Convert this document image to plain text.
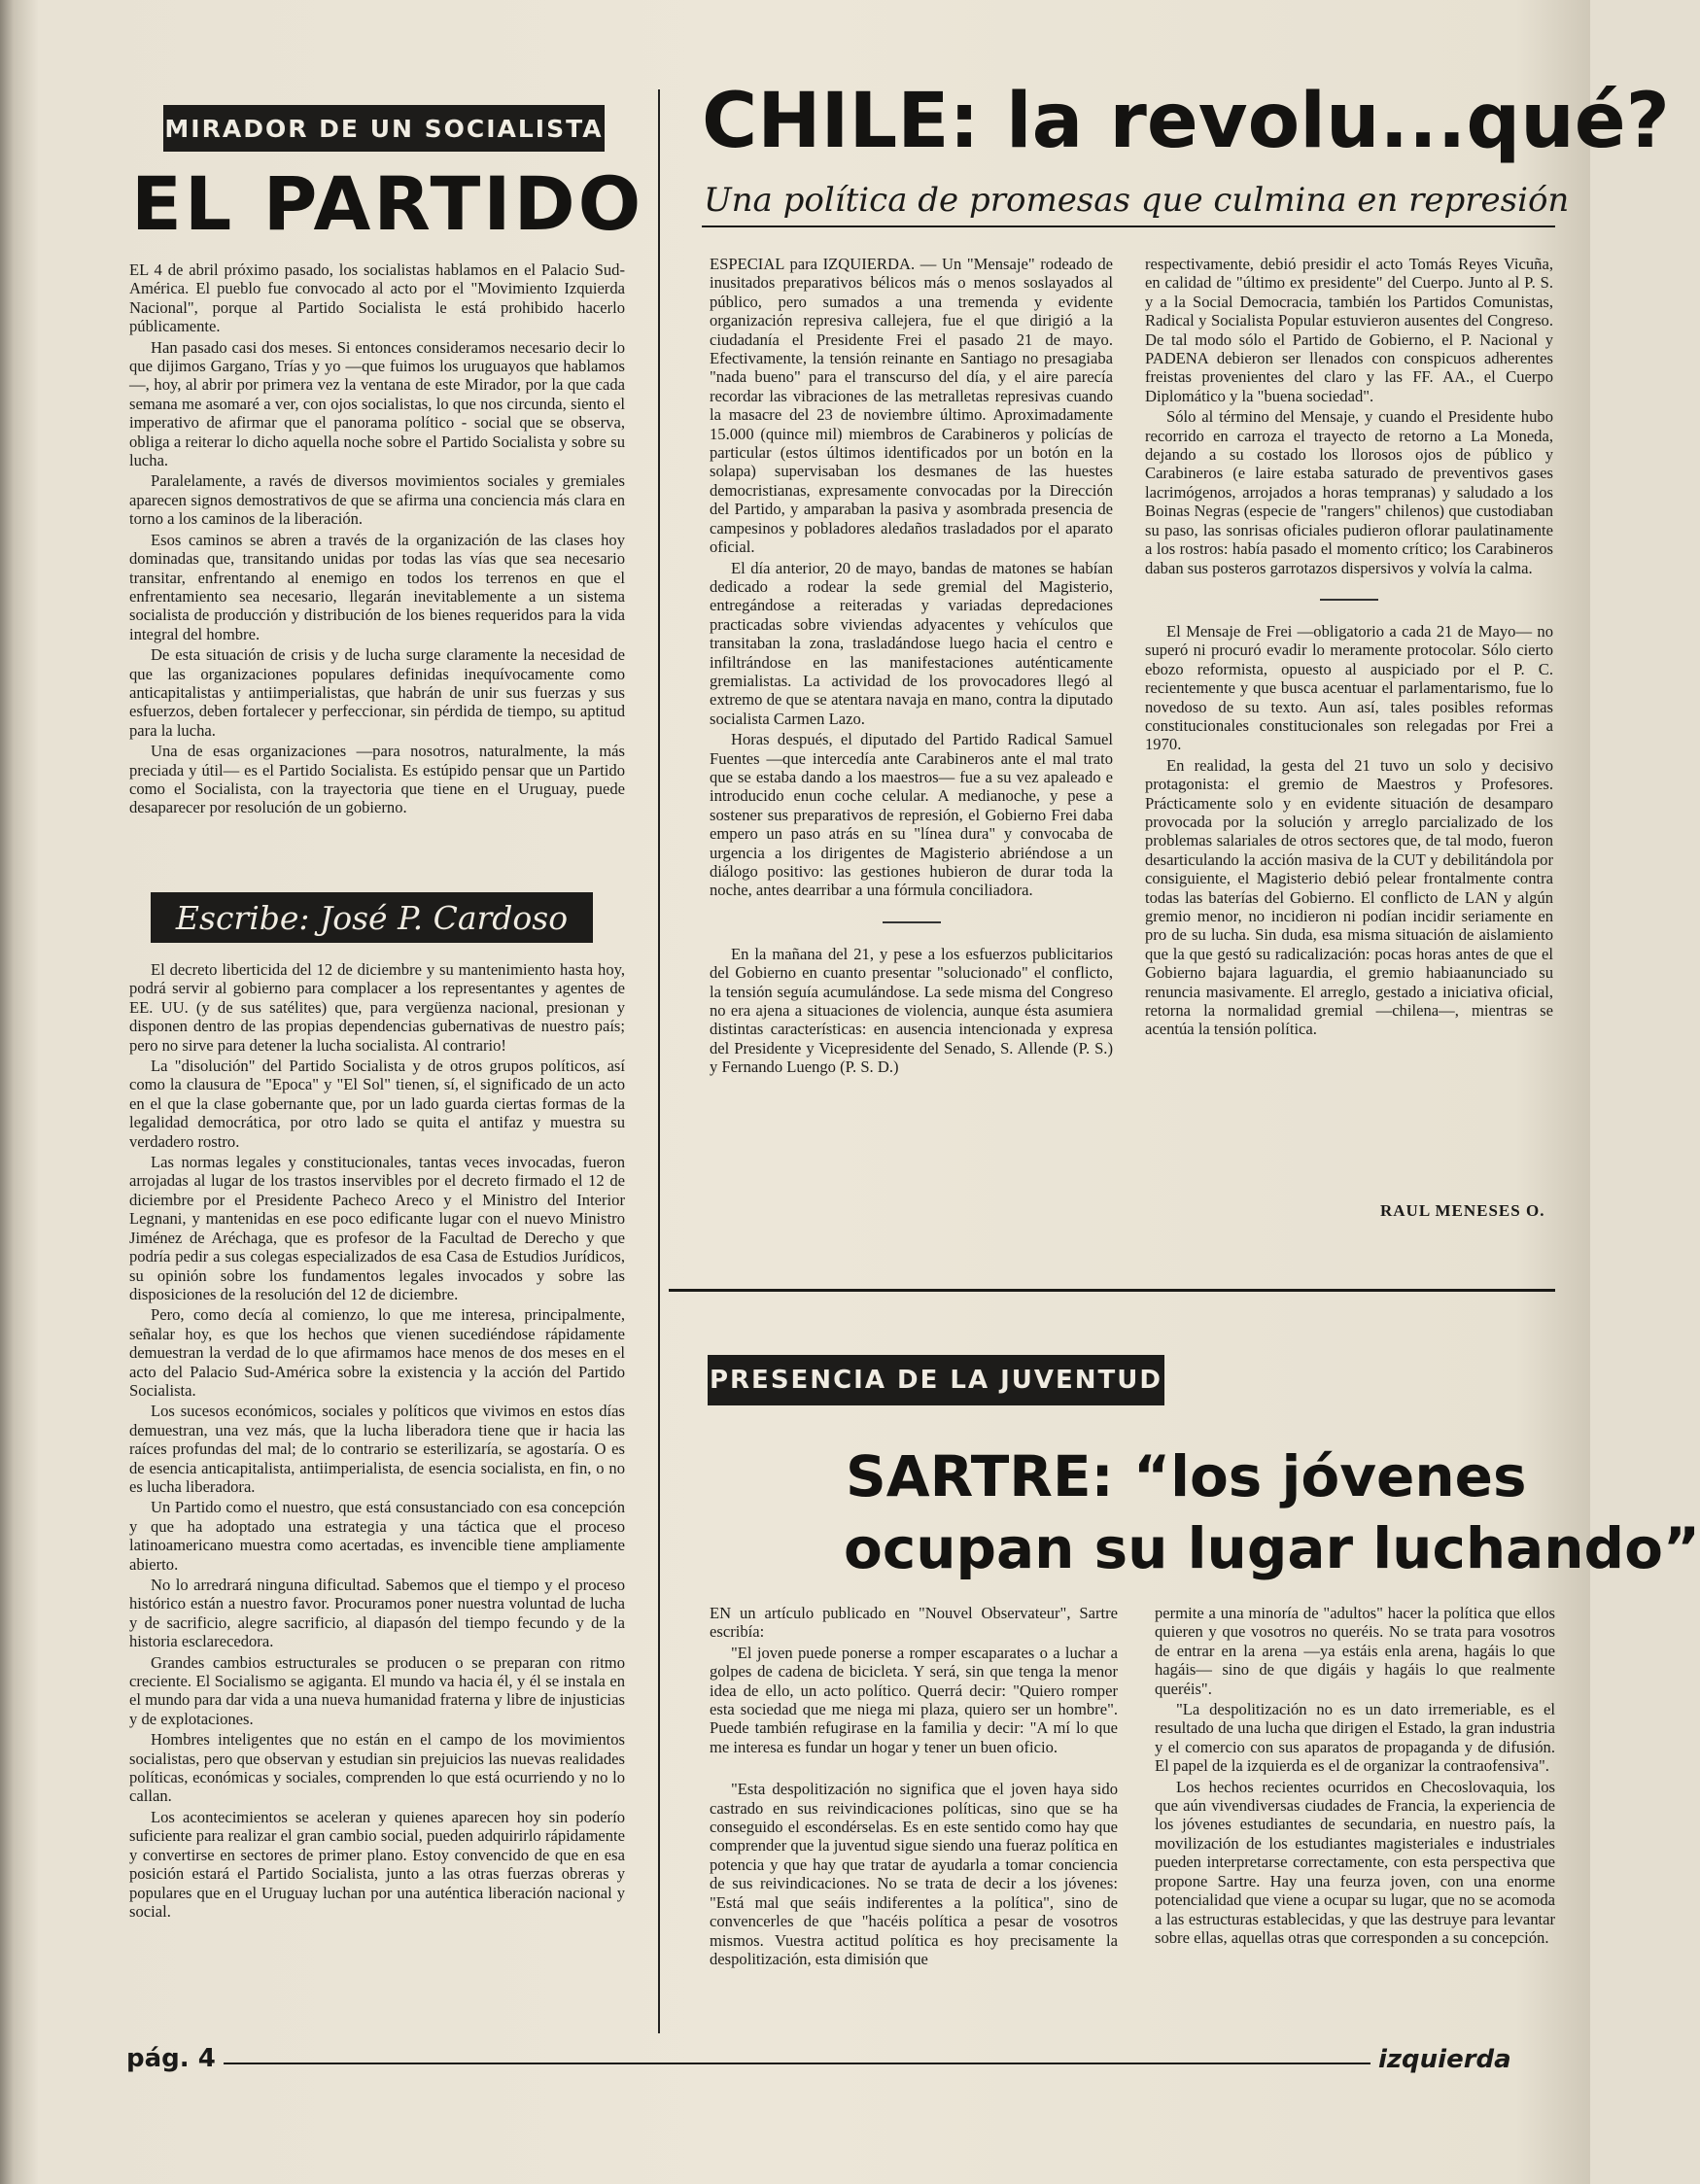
MIRADOR DE UN SOCIALISTA
EL PARTIDO

EL 4 de abril próximo pasado, los socialistas hablamos en el Palacio Sud-América. El pueblo fue convocado al acto por el "Movimiento Izquierda Nacional", porque al Partido Socialista le está prohibido hacerlo públicamente.

Han pasado casi dos meses. Si entonces consideramos necesario decir lo que dijimos Gargano, Trías y yo —que fuimos los uruguayos que hablamos—, hoy, al abrir por primera vez la ventana de este Mirador, por la que cada semana me asomaré a ver, con ojos socialistas, lo que nos circunda, siento el imperativo de afirmar que el panorama político - social que se observa, obliga a reiterar lo dicho aquella noche sobre el Partido Socialista y sobre su lucha.

Paralelamente, a ravés de diversos movimientos sociales y gremiales aparecen signos demostrativos de que se afirma una conciencia más clara en torno a los caminos de la liberación.

Esos caminos se abren a través de la organización de las clases hoy dominadas que, transitando unidas por todas las vías que sea necesario transitar, enfrentando al enemigo en todos los terrenos en que el enfrentamiento sea necesario, llegarán inevitablemente a un sistema socialista de producción y distribución de los bienes requeridos para la vida integral del hombre.

De esta situación de crisis y de lucha surge claramente la necesidad de que las organizaciones populares definidas inequívocamente como anticapitalistas y antiimperialistas, que habrán de unir sus fuerzas y sus esfuerzos, deben fortalecer y perfeccionar, sin pérdida de tiempo, su aptitud para la lucha.

Una de esas organizaciones —para nosotros, naturalmente, la más preciada y útil— es el Partido Socialista. Es estúpido pensar que un Partido como el Socialista, con la trayectoria que tiene en el Uruguay, puede desaparecer por resolución de un gobierno.

Escribe: José P. Cardoso

El decreto liberticida del 12 de diciembre y su mantenimiento hasta hoy, podrá servir al gobierno para complacer a los representantes y agentes de EE. UU. (y de sus satélites) que, para vergüenza nacional, presionan y disponen dentro de las propias dependencias gubernativas de nuestro país; pero no sirve para detener la lucha socialista. Al contrario!

La "disolución" del Partido Socialista y de otros grupos políticos, así como la clausura de "Epoca" y "El Sol" tienen, sí, el significado de un acto en el que la clase gobernante que, por un lado guarda ciertas formas de la legalidad democrática, por otro lado se quita el antifaz y muestra su verdadero rostro.

Las normas legales y constitucionales, tantas veces invocadas, fueron arrojadas al lugar de los trastos inservibles por el decreto firmado el 12 de diciembre por el Presidente Pacheco Areco y el Ministro del Interior Legnani, y mantenidas en ese poco edificante lugar con el nuevo Ministro Jiménez de Aréchaga, que es profesor de la Facultad de Derecho y que podría pedir a sus colegas especializados de esa Casa de Estudios Jurídicos, su opinión sobre los fundamentos legales invocados y sobre las disposiciones de la resolución del 12 de diciembre.

Pero, como decía al comienzo, lo que me interesa, principalmente, señalar hoy, es que los hechos que vienen sucediéndose rápidamente demuestran la verdad de lo que afirmamos hace menos de dos meses en el acto del Palacio Sud-América sobre la existencia y la acción del Partido Socialista.

Los sucesos económicos, sociales y políticos que vivimos en estos días demuestran, una vez más, que la lucha liberadora tiene que ir hacia las raíces profundas del mal; de lo contrario se esterilizaría, se agostaría. O es de esencia anticapitalista, antiimperialista, de esencia socialista, en fin, o no es lucha liberadora.

Un Partido como el nuestro, que está consustanciado con esa concepción y que ha adoptado una estrategia y una táctica que el proceso latinoamericano muestra como acertadas, es invencible tiene ampliamente abierto.

No lo arredrará ninguna dificultad. Sabemos que el tiempo y el proceso histórico están a nuestro favor. Procuramos poner nuestra voluntad de lucha y de sacrificio, alegre sacrificio, al diapasón del tiempo fecundo y de la historia esclarecedora.

Grandes cambios estructurales se producen o se preparan con ritmo creciente. El Socialismo se agiganta. El mundo va hacia él, y él se instala en el mundo para dar vida a una nueva humanidad fraterna y libre de injusticias y de explotaciones.

Hombres inteligentes que no están en el campo de los movimientos socialistas, pero que observan y estudian sin prejuicios las nuevas realidades políticas, económicas y sociales, comprenden lo que está ocurriendo y no lo callan.

Los acontecimientos se aceleran y quienes aparecen hoy sin poderío suficiente para realizar el gran cambio social, pueden adquirirlo rápidamente y convertirse en sectores de primer plano. Estoy convencido de que en esa posición estará el Partido Socialista, junto a las otras fuerzas obreras y populares que en el Uruguay luchan por una auténtica liberación nacional y social.

CHILE: la revolu...qué?
Una política de promesas que culmina en represión

ESPECIAL para IZQUIERDA. — Un "Mensaje" rodeado de inusitados preparativos bélicos más o menos soslayados al público, pero sumados a una tremenda y evidente organización represiva callejera, fue el que dirigió a la ciudadanía el Presidente Frei el pasado 21 de mayo. Efectivamente, la tensión reinante en Santiago no presagiaba "nada bueno" para el transcurso del día, y el aire parecía recordar las vibraciones de las metralletas represivas cuando la masacre del 23 de noviembre último. Aproximadamente 15.000 (quince mil) miembros de Carabineros y policías de particular (estos últimos identificados por un botón en la solapa) supervisaban los desmanes de las huestes democristianas, expresamente convocadas por la Dirección del Partido, y amparaban la pasiva y asombrada presencia de campesinos y pobladores aledaños trasladados por el aparato oficial.

El día anterior, 20 de mayo, bandas de matones se habían dedicado a rodear la sede gremial del Magisterio, entregándose a reiteradas y variadas depredaciones practicadas sobre viviendas adyacentes y vehículos que transitaban la zona, trasladándose luego hacia el centro e infiltrándose en las manifestaciones auténticamente gremialistas. La actividad de los provocadores llegó al extremo de que se atentara navaja en mano, contra la diputado socialista Carmen Lazo.

Horas después, el diputado del Partido Radical Samuel Fuentes —que intercedía ante Carabineros ante el mal trato que se estaba dando a los maestros— fue a su vez apaleado e introducido enun coche celular. A medianoche, y pese a sostener sus preparativos de represión, el Gobierno Frei daba empero un paso atrás en su "línea dura" y convocaba de urgencia a los dirigentes de Magisterio abriéndose a un diálogo positivo: las gestiones hubieron de durar toda la noche, antes dearribar a una fórmula conciliadora.

En la mañana del 21, y pese a los esfuerzos publicitarios del Gobierno en cuanto presentar "solucionado" el conflicto, la tensión seguía acumulándose. La sede misma del Congreso no era ajena a situaciones de violencia, aunque ésta asumiera distintas características: en ausencia intencionada y expresa del Presidente y Vicepresidente del Senado, S. Allende (P. S.) y Fernando Luengo (P. S. D.)

respectivamente, debió presidir el acto Tomás Reyes Vicuña, en calidad de "último ex presidente" del Cuerpo. Junto al P. S. y a la Social Democracia, también los Partidos Comunistas, Radical y Socialista Popular estuvieron ausentes del Congreso. De tal modo sólo el Partido de Gobierno, el P. Nacional y PADENA debieron ser llenados con conspicuos adherentes freistas provenientes del claro y las FF. AA., el Cuerpo Diplomático y la "buena sociedad".

Sólo al término del Mensaje, y cuando el Presidente hubo recorrido en carroza el trayecto de retorno a La Moneda, dejando a su costado los llorosos ojos de público y Carabineros (e laire estaba saturado de preventivos gases lacrimógenos, arrojados a horas tempranas) y saludado a los Boinas Negras (especie de "rangers" chilenos) que custodiaban su paso, las sonrisas oficiales pudieron oflorar paulatinamente a los rostros: había pasado el momento crítico; los Carabineros daban sus posteros garrotazos dispersivos y volvía la calma.

El Mensaje de Frei —obligatorio a cada 21 de Mayo— no superó ni procuró evadir lo meramente protocolar. Sólo cierto ebozo reformista, opuesto al auspiciado por el P. C. recientemente y que busca acentuar el parlamentarismo, fue lo novedoso de su texto. Aun así, tales posibles reformas constitucionales constitucionales son relegadas por Frei a 1970.

En realidad, la gesta del 21 tuvo un solo y decisivo protagonista: el gremio de Maestros y Profesores. Prácticamente solo y en evidente situación de desamparo provocada por la solución y arreglo parcializado de los problemas salariales de otros sectores que, de tal modo, fueron desarticulando la acción masiva de la CUT y debilitándola por consiguiente, el Magisterio debió pelear frontalmente contra todas las baterías del Gobierno. El conflicto de LAN y algún gremio menor, no incidieron ni podían incidir seriamente en pro de su lucha. Sin duda, esa misma situación de aislamiento que la que gestó su radicalización: pocas horas antes de que el Gobierno bajara laguardia, el gremio habiaanunciado su renuncia masivamente. El arreglo, gestado a iniciativa oficial, retorna la normalidad gremial —chilena—, mientras se acentúa la tensión política.

RAUL MENESES O.
PRESENCIA DE LA JUVENTUD
SARTRE: “los jóvenes
ocupan su lugar luchando”

EN un artículo publicado en "Nouvel Observateur", Sartre escribía:

"El joven puede ponerse a romper escaparates o a luchar a golpes de cadena de bicicleta. Y será, sin que tenga la menor idea de ello, un acto político. Querrá decir: "Quiero romper esta sociedad que me niega mi plaza, quiero ser un hombre". Puede también refugirase en la familia y decir: "A mí lo que me interesa es fundar un hogar y tener un buen oficio.

"Esta despolitización no significa que el joven haya sido castrado en sus reivindicaciones políticas, sino que se ha conseguido el escondérselas. Es en este sentido como hay que comprender que la juventud sigue siendo una fueraz política en potencia y que hay que tratar de ayudarla a tomar conciencia de sus reivindicaciones. No se trata de decir a los jóvenes: "Está mal que seáis indiferentes a la política", sino de convencerles de que "hacéis política a pesar de vosotros mismos. Vuestra actitud política es hoy precisamente la despolitización, esta dimisión que

permite a una minoría de "adultos" hacer la política que ellos quieren y que vosotros no queréis. No se trata para vosotros de entrar en la arena —ya estáis enla arena, hagáis lo que hagáis— sino de que digáis y hagáis lo que realmente queréis".

"La despolitización no es un dato irremeriable, es el resultado de una lucha que dirigen el Estado, la gran industria y el comercio con sus aparatos de propaganda y de difusión. El papel de la izquierda es el de organizar la contraofensiva".

Los hechos recientes ocurridos en Checoslovaquia, los que aún vivendiversas ciudades de Francia, la experiencia de los jóvenes estudiantes de secundaria, en nuestro país, la movilización de los estudiantes magisteriales e industriales pueden interpretarse correctamente, con esta perspectiva que propone Sartre. Hay una feurza joven, con una enorme potencialidad que viene a ocupar su lugar, que no se acomoda a las estructuras establecidas, y que las destruye para levantar sobre ellas, aquellas otras que corresponden a su concepción.

pág. 4	izquierda
